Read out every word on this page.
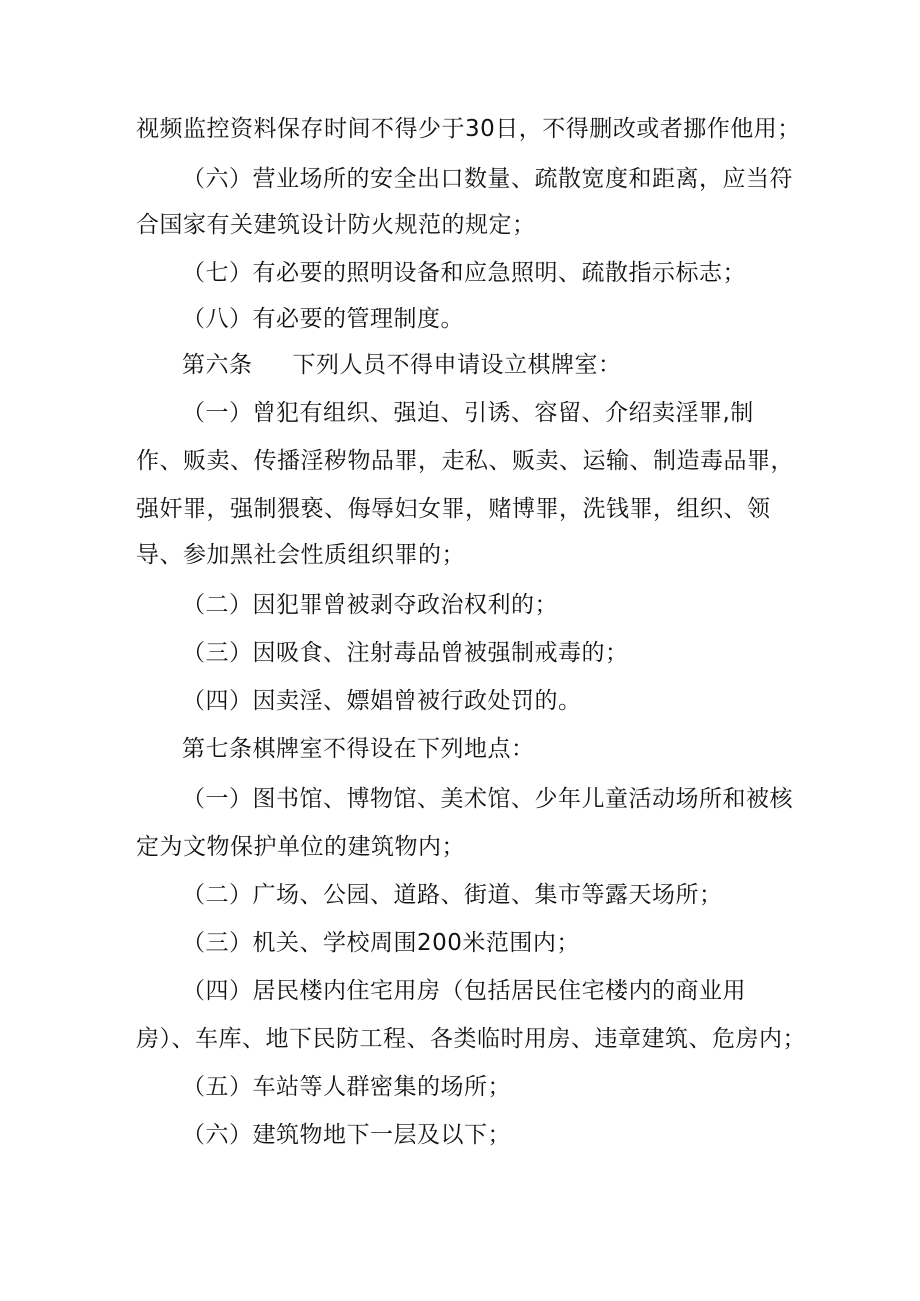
视频监控资料保存时间不得少于30日，不得删改或者挪作他用；
（六）营业场所的安全出口数量、疏散宽度和距离，应当符
合国家有关建筑设计防火规范的规定；
（七）有必要的照明设备和应急照明、疏散指示标志；
（八）有必要的管理制度。
第六条 下列人员不得申请设立棋牌室：
（一）曾犯有组织、强迫、引诱、容留、介绍卖淫罪,制
作、贩卖、传播淫秽物品罪，走私、贩卖、运输、制造毒品罪，
强奸罪，强制猥亵、侮辱妇女罪，赌博罪，洗钱罪，组织、领
导、参加黑社会性质组织罪的；
（二）因犯罪曾被剥夺政治权利的；
（三）因吸食、注射毒品曾被强制戒毒的；
（四）因卖淫、嫖娼曾被行政处罚的。
第七条棋牌室不得设在下列地点：
（一）图书馆、博物馆、美术馆、少年儿童活动场所和被核
定为文物保护单位的建筑物内；
（二）广场、公园、道路、街道、集市等露天场所；
（三）机关、学校周围200米范围内；
（四）居民楼内住宅用房（包括居民住宅楼内的商业用
房）、车库、地下民防工程、各类临时用房、违章建筑、危房内；
（五）车站等人群密集的场所；
（六）建筑物地下一层及以下；
